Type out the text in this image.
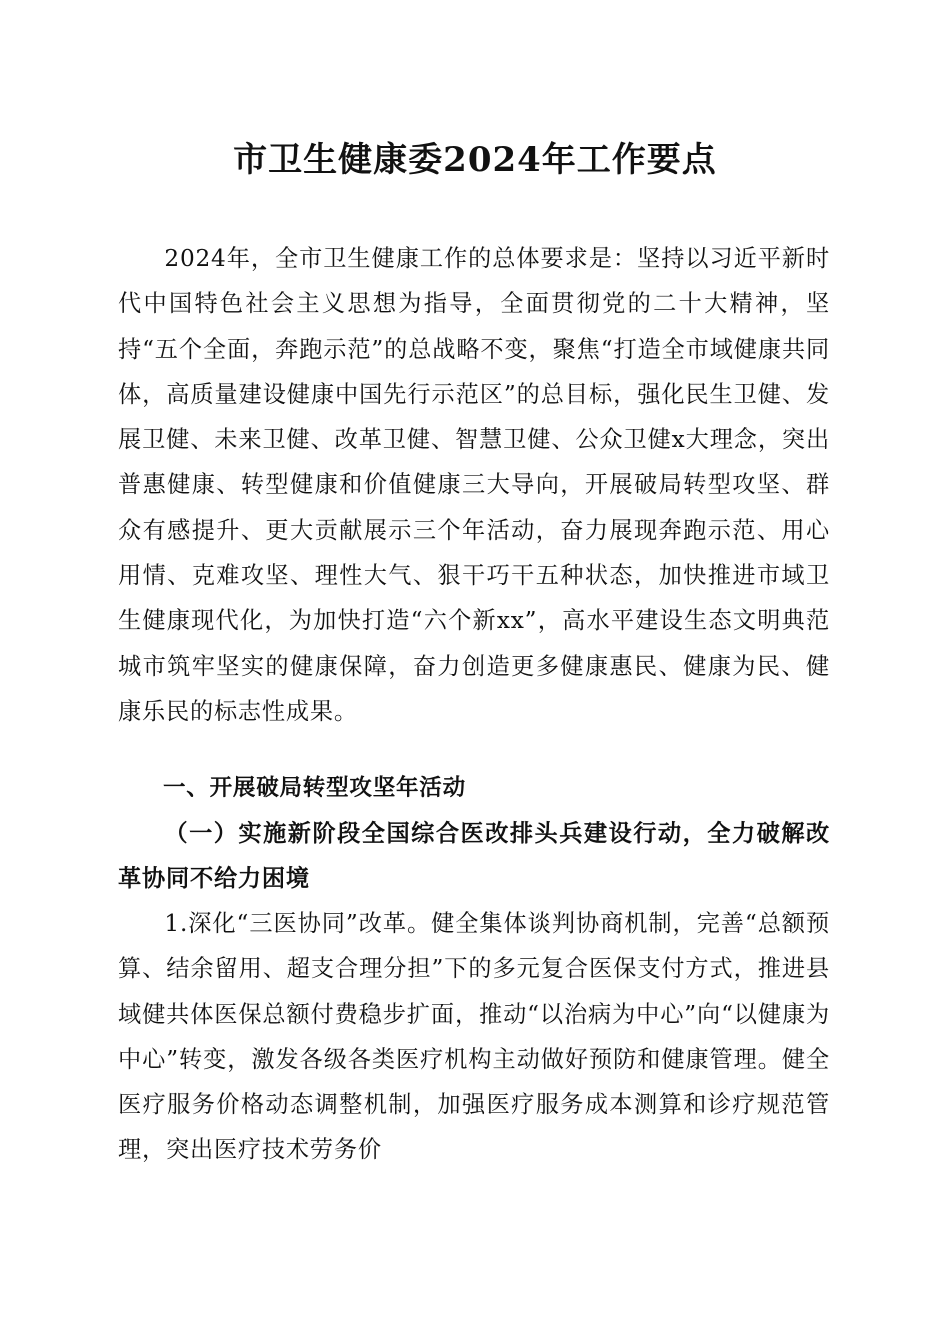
市卫生健康委2024年工作要点

2024年，全市卫生健康工作的总体要求是：坚持以习近平新时代中国特色社会主义思想为指导，全面贯彻党的二十大精神，坚持“五个全面，奔跑示范”的总战略不变，聚焦“打造全市域健康共同体，高质量建设健康中国先行示范区”的总目标，强化民生卫健、发展卫健、未来卫健、改革卫健、智慧卫健、公众卫健x大理念，突出普惠健康、转型健康和价值健康三大导向，开展破局转型攻坚、群众有感提升、更大贡献展示三个年活动，奋力展现奔跑示范、用心用情、克难攻坚、理性大气、狠干巧干五种状态，加快推进市域卫生健康现代化，为加快打造“六个新xx”，高水平建设生态文明典范城市筑牢坚实的健康保障，奋力创造更多健康惠民、健康为民、健康乐民的标志性成果。

一、开展破局转型攻坚年活动

（一）实施新阶段全国综合医改排头兵建设行动，全力破解改革协同不给力困境

1.深化“三医协同”改革。健全集体谈判协商机制，完善“总额预算、结余留用、超支合理分担”下的多元复合医保支付方式，推进县域健共体医保总额付费稳步扩面，推动“以治病为中心”向“以健康为中心”转变，激发各级各类医疗机构主动做好预防和健康管理。健全医疗服务价格动态调整机制，加强医疗服务成本测算和诊疗规范管理，突出医疗技术劳务价
